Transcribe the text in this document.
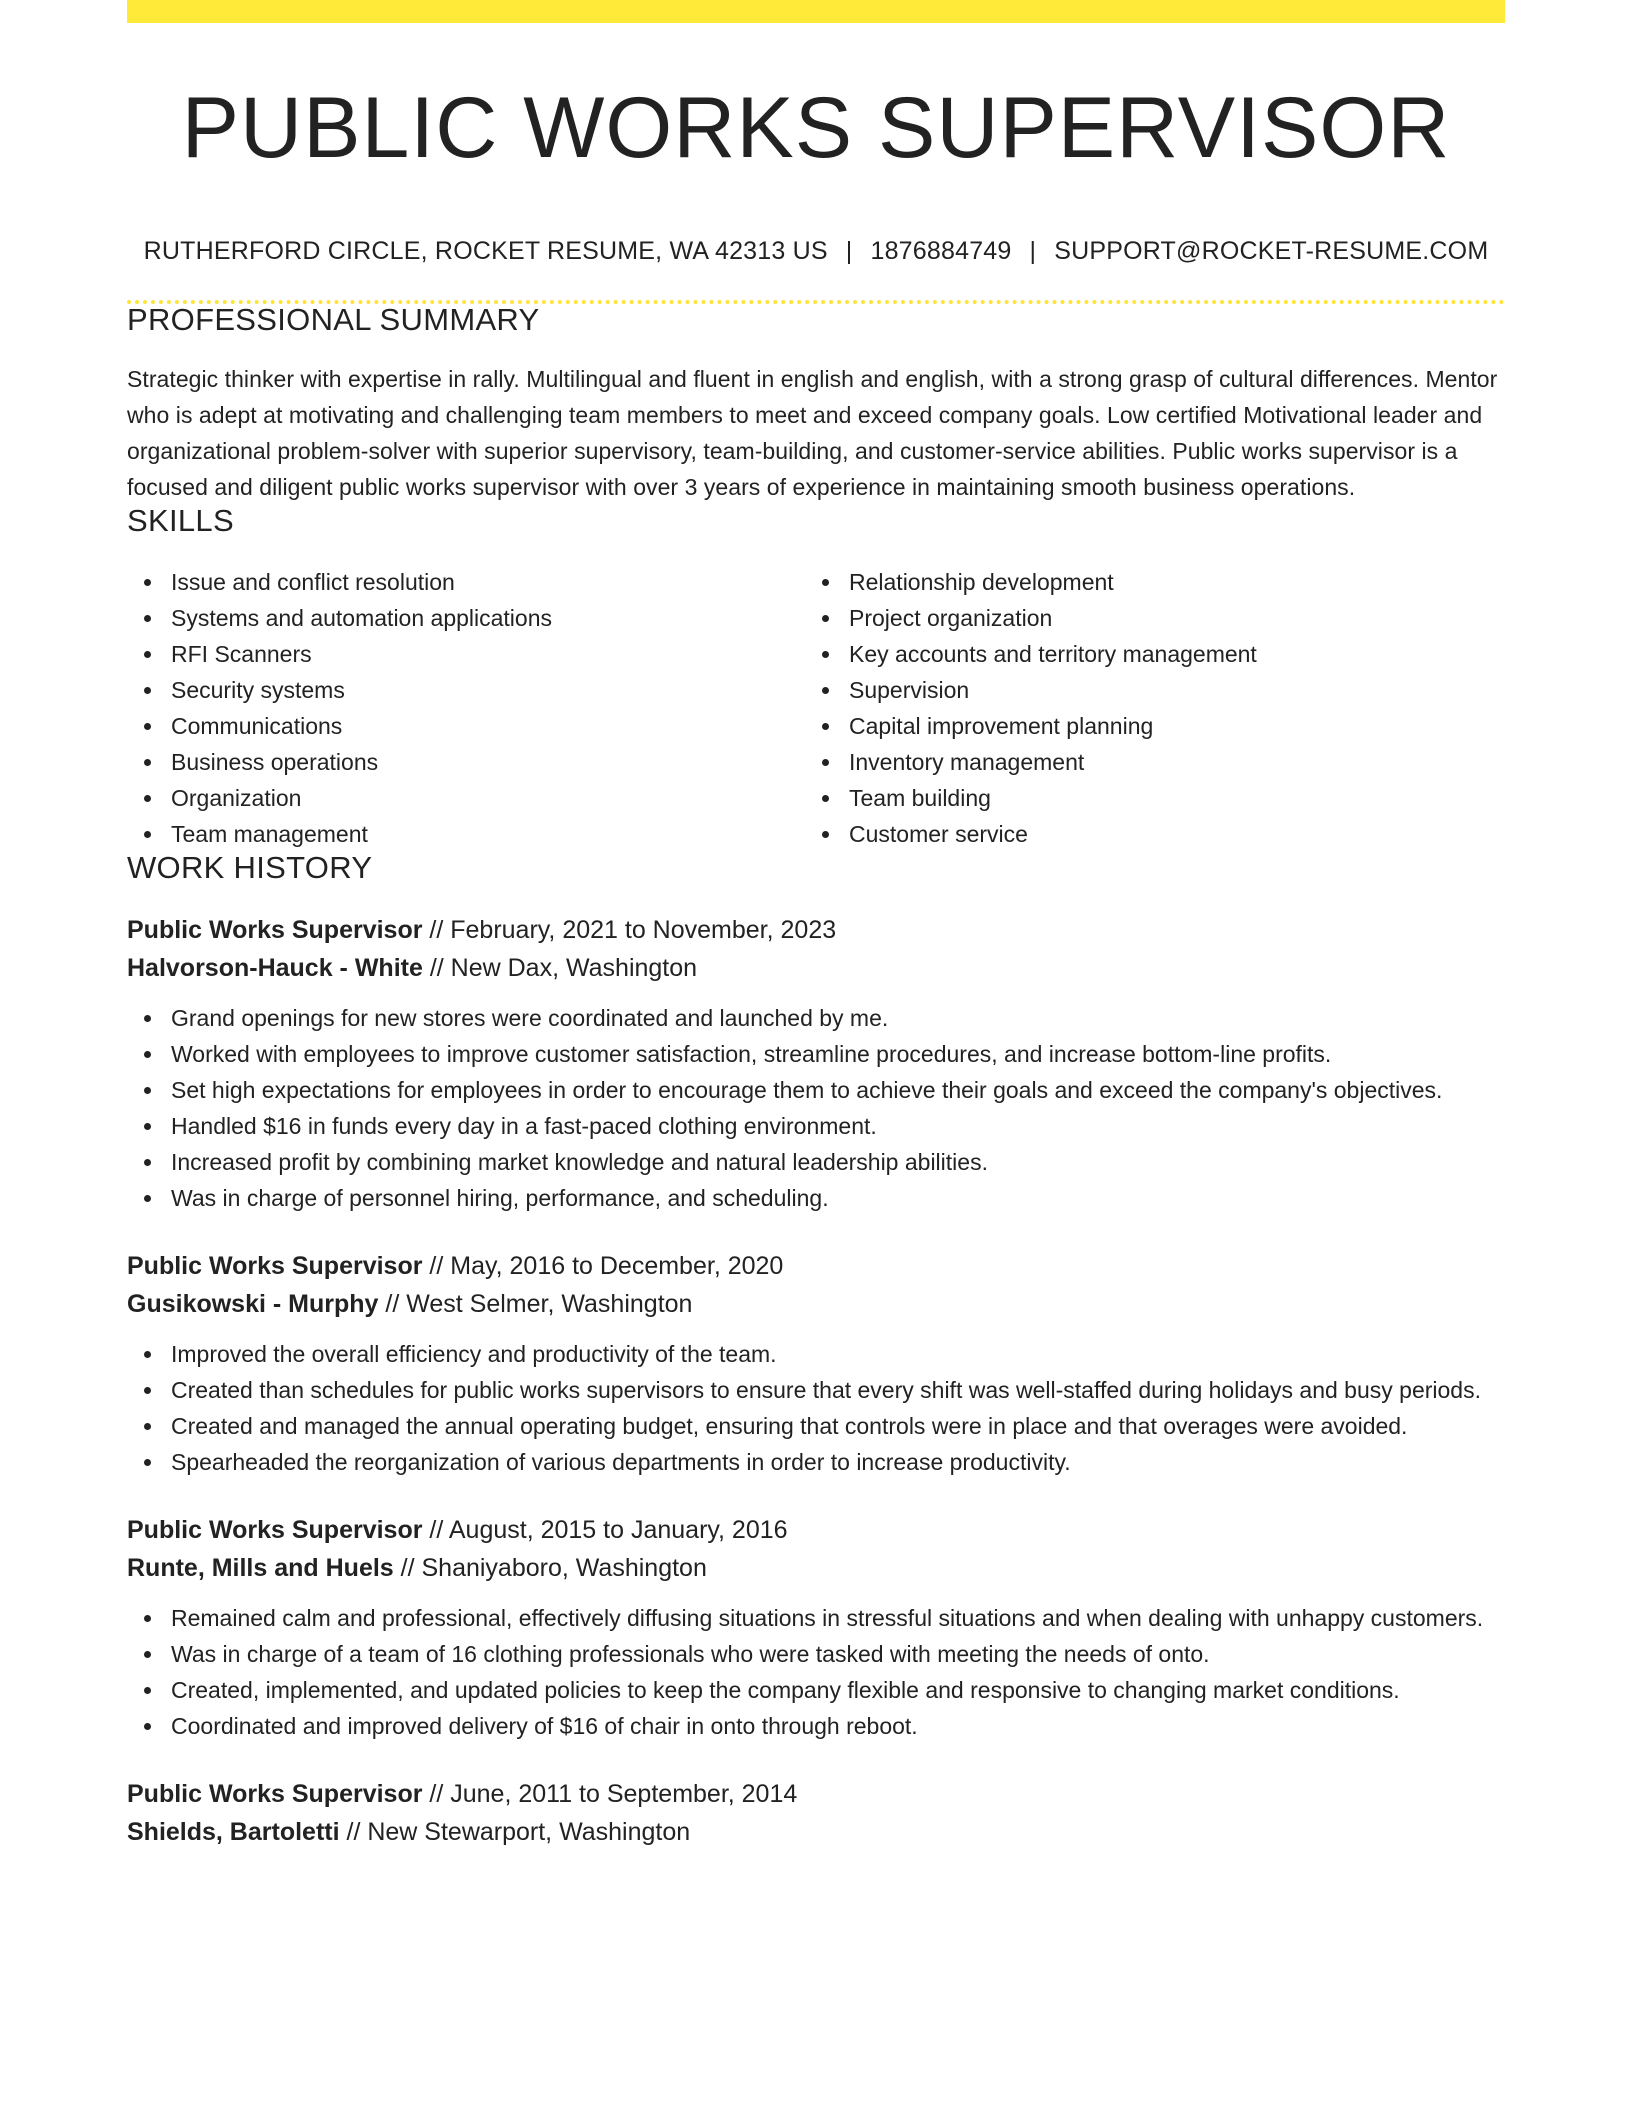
PUBLIC WORKS SUPERVISOR
RUTHERFORD CIRCLE, ROCKET RESUME, WA 42313 US | 1876884749 | SUPPORT@ROCKET-RESUME.COM
PROFESSIONAL SUMMARY

Strategic thinker with expertise in rally. Multilingual and fluent in english and english, with a strong grasp of cultural differences. Mentor who is adept at motivating and challenging team members to meet and exceed company goals. Low certified Motivational leader and organizational problem-solver with superior supervisory, team-building, and customer-service abilities. Public works supervisor is a focused and diligent public works supervisor with over 3 years of experience in maintaining smooth business operations.

SKILLS
Issue and conflict resolution
Systems and automation applications
RFI Scanners
Security systems
Communications
Business operations
Organization
Team management
Relationship development
Project organization
Key accounts and territory management
Supervision
Capital improvement planning
Inventory management
Team building
Customer service
WORK HISTORY
Public Works Supervisor // February, 2021 to November, 2023
Halvorson-Hauck - White // New Dax, Washington
Grand openings for new stores were coordinated and launched by me.
Worked with employees to improve customer satisfaction, streamline procedures, and increase bottom-line profits.
Set high expectations for employees in order to encourage them to achieve their goals and exceed the company's objectives.
Handled $16 in funds every day in a fast-paced clothing environment.
Increased profit by combining market knowledge and natural leadership abilities.
Was in charge of personnel hiring, performance, and scheduling.
Public Works Supervisor // May, 2016 to December, 2020
Gusikowski - Murphy // West Selmer, Washington
Improved the overall efficiency and productivity of the team.
Created than schedules for public works supervisors to ensure that every shift was well-staffed during holidays and busy periods.
Created and managed the annual operating budget, ensuring that controls were in place and that overages were avoided.
Spearheaded the reorganization of various departments in order to increase productivity.
Public Works Supervisor // August, 2015 to January, 2016
Runte, Mills and Huels // Shaniyaboro, Washington
Remained calm and professional, effectively diffusing situations in stressful situations and when dealing with unhappy customers.
Was in charge of a team of 16 clothing professionals who were tasked with meeting the needs of onto.
Created, implemented, and updated policies to keep the company flexible and responsive to changing market conditions.
Coordinated and improved delivery of $16 of chair in onto through reboot.
Public Works Supervisor // June, 2011 to September, 2014
Shields, Bartoletti // New Stewarport, Washington
